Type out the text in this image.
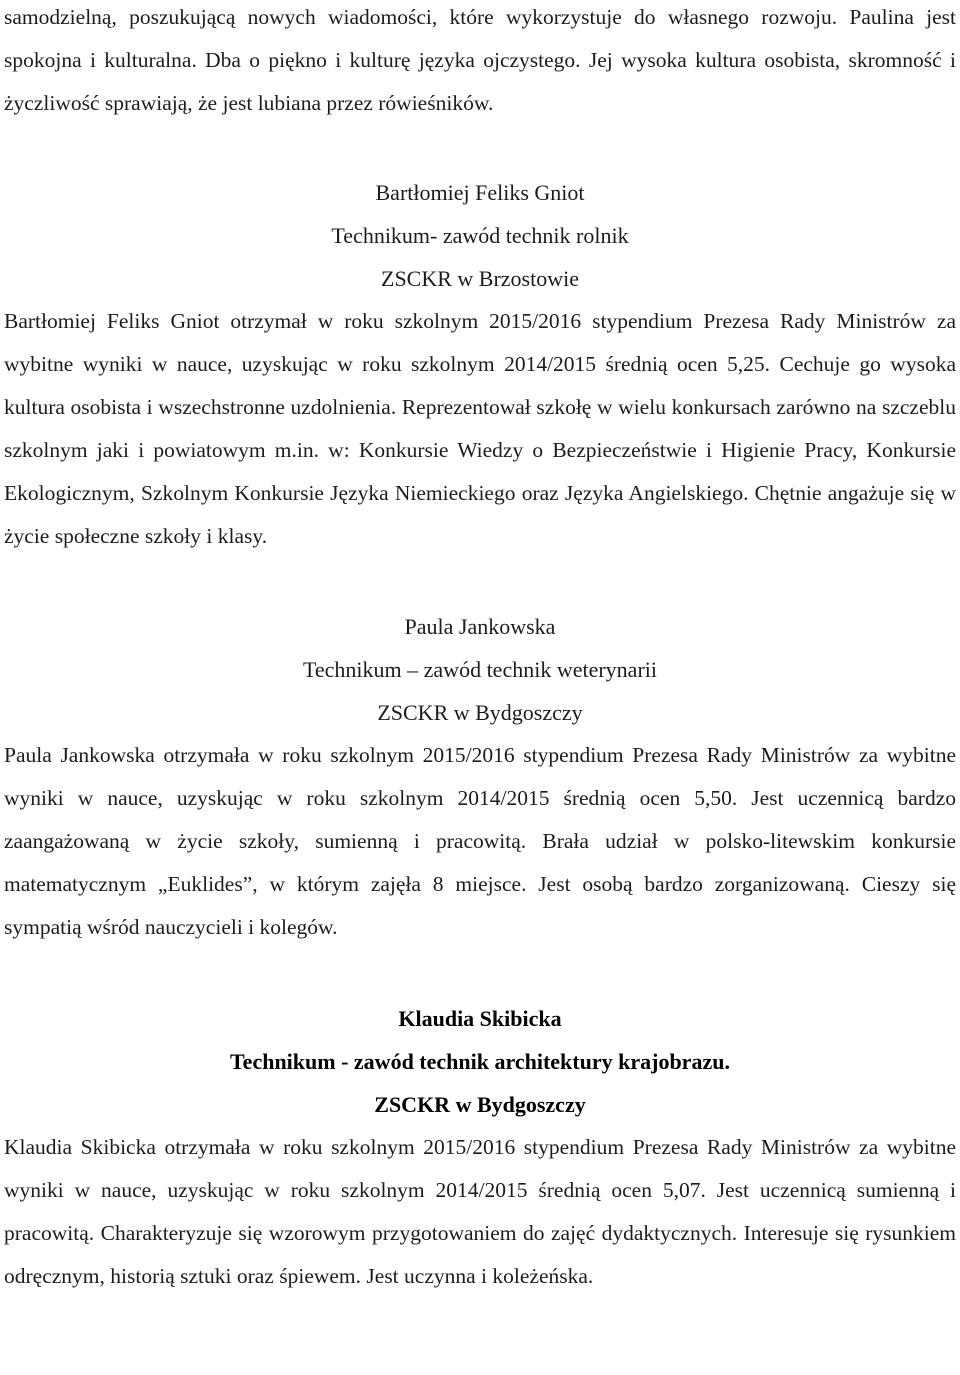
samodzielną, poszukującą nowych wiadomości, które wykorzystuje do własnego rozwoju. Paulina jest spokojna i kulturalna. Dba o piękno i kulturę języka ojczystego. Jej wysoka kultura osobista, skromność i życzliwość sprawiają, że jest lubiana przez rówieśników.

Bartłomiej Feliks Gniot
Technikum- zawód technik rolnik
ZSCKR w Brzostowie

Bartłomiej Feliks Gniot otrzymał w roku szkolnym 2015/2016 stypendium Prezesa Rady Ministrów za wybitne wyniki w nauce, uzyskując w roku szkolnym 2014/2015 średnią ocen 5,25. Cechuje go wysoka kultura osobista i wszechstronne uzdolnienia. Reprezentował szkołę w wielu konkursach zarówno na szczeblu szkolnym jaki i powiatowym m.in. w: Konkursie Wiedzy o Bezpieczeństwie i Higienie Pracy, Konkursie Ekologicznym, Szkolnym Konkursie Języka Niemieckiego oraz Języka Angielskiego. Chętnie angażuje się w życie społeczne szkoły i klasy.

Paula Jankowska
Technikum – zawód technik weterynarii
ZSCKR w Bydgoszczy

Paula Jankowska otrzymała w roku szkolnym 2015/2016 stypendium Prezesa Rady Ministrów za wybitne wyniki w nauce, uzyskując w roku szkolnym 2014/2015 średnią ocen 5,50. Jest uczennicą bardzo zaangażowaną w życie szkoły, sumienną i pracowitą. Brała udział w polsko-litewskim konkursie matematycznym „Euklides”, w którym zajęła 8 miejsce. Jest osobą bardzo zorganizowaną. Cieszy się sympatią wśród nauczycieli i kolegów.

Klaudia Skibicka
Technikum - zawód technik architektury krajobrazu.
ZSCKR w Bydgoszczy

Klaudia Skibicka otrzymała w roku szkolnym 2015/2016 stypendium Prezesa Rady Ministrów za wybitne wyniki w nauce, uzyskując w roku szkolnym 2014/2015 średnią ocen 5,07. Jest uczennicą sumienną i pracowitą. Charakteryzuje się wzorowym przygotowaniem do zajęć dydaktycznych. Interesuje się rysunkiem odręcznym, historią sztuki oraz śpiewem. Jest uczynna i koleżeńska.
